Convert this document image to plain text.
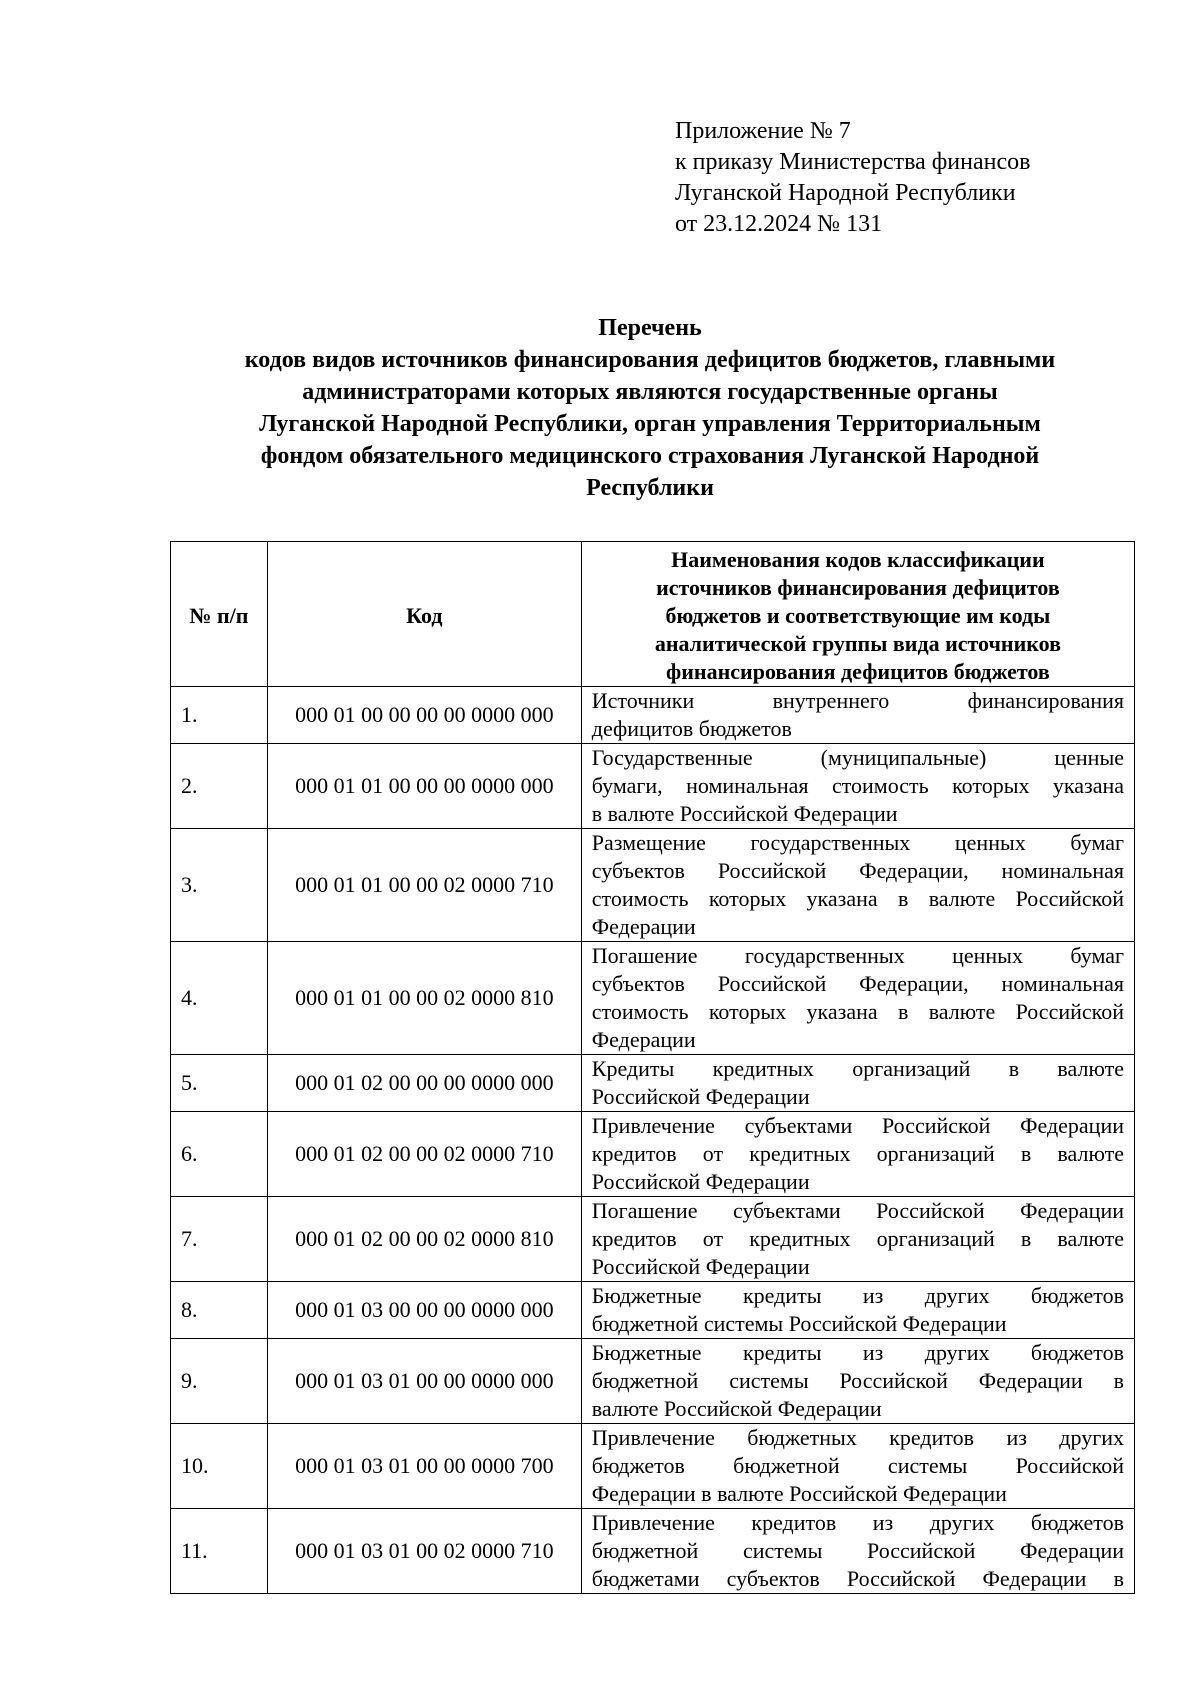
Приложение № 7
к приказу Министерства финансов
Луганской Народной Республики
от 23.12.2024 № 131
Перечень
кодов видов источников финансирования дефицитов бюджетов, главными
администраторами которых являются государственные органы
Луганской Народной Республики, орган управления Территориальным
фондом обязательного медицинского страхования Луганской Народной
Республики
№ п/п	Код	Наименования кодов классификации
источников финансирования дефицитов
бюджетов и соответствующие им коды
аналитической группы вида источников
финансирования дефицитов бюджетов

1.	000 01 00 00 00 00 0000 000	Источники внутреннего финансирования
дефицитов бюджетов

2.	000 01 01 00 00 00 0000 000	Государственные (муниципальные) ценные
бумаги, номинальная стоимость которых указана
в валюте Российской Федерации

3.	000 01 01 00 00 02 0000 710	Размещение государственных ценных бумаг
субъектов Российской Федерации, номинальная
стоимость которых указана в валюте Российской
Федерации

4.	000 01 01 00 00 02 0000 810	Погашение государственных ценных бумаг
субъектов Российской Федерации, номинальная
стоимость которых указана в валюте Российской
Федерации

5.	000 01 02 00 00 00 0000 000	Кредиты кредитных организаций в валюте
Российской Федерации

6.	000 01 02 00 00 02 0000 710	Привлечение субъектами Российской Федерации
кредитов от кредитных организаций в валюте
Российской Федерации

7.	000 01 02 00 00 02 0000 810	Погашение субъектами Российской Федерации
кредитов от кредитных организаций в валюте
Российской Федерации

8.	000 01 03 00 00 00 0000 000	Бюджетные кредиты из других бюджетов
бюджетной системы Российской Федерации

9.	000 01 03 01 00 00 0000 000	Бюджетные кредиты из других бюджетов
бюджетной системы Российской Федерации в
валюте Российской Федерации

10.	000 01 03 01 00 00 0000 700	Привлечение бюджетных кредитов из других
бюджетов бюджетной системы Российской
Федерации в валюте Российской Федерации

11.	000 01 03 01 00 02 0000 710	Привлечение кредитов из других бюджетов
бюджетной системы Российской Федерации
бюджетами субъектов Российской Федерации в
